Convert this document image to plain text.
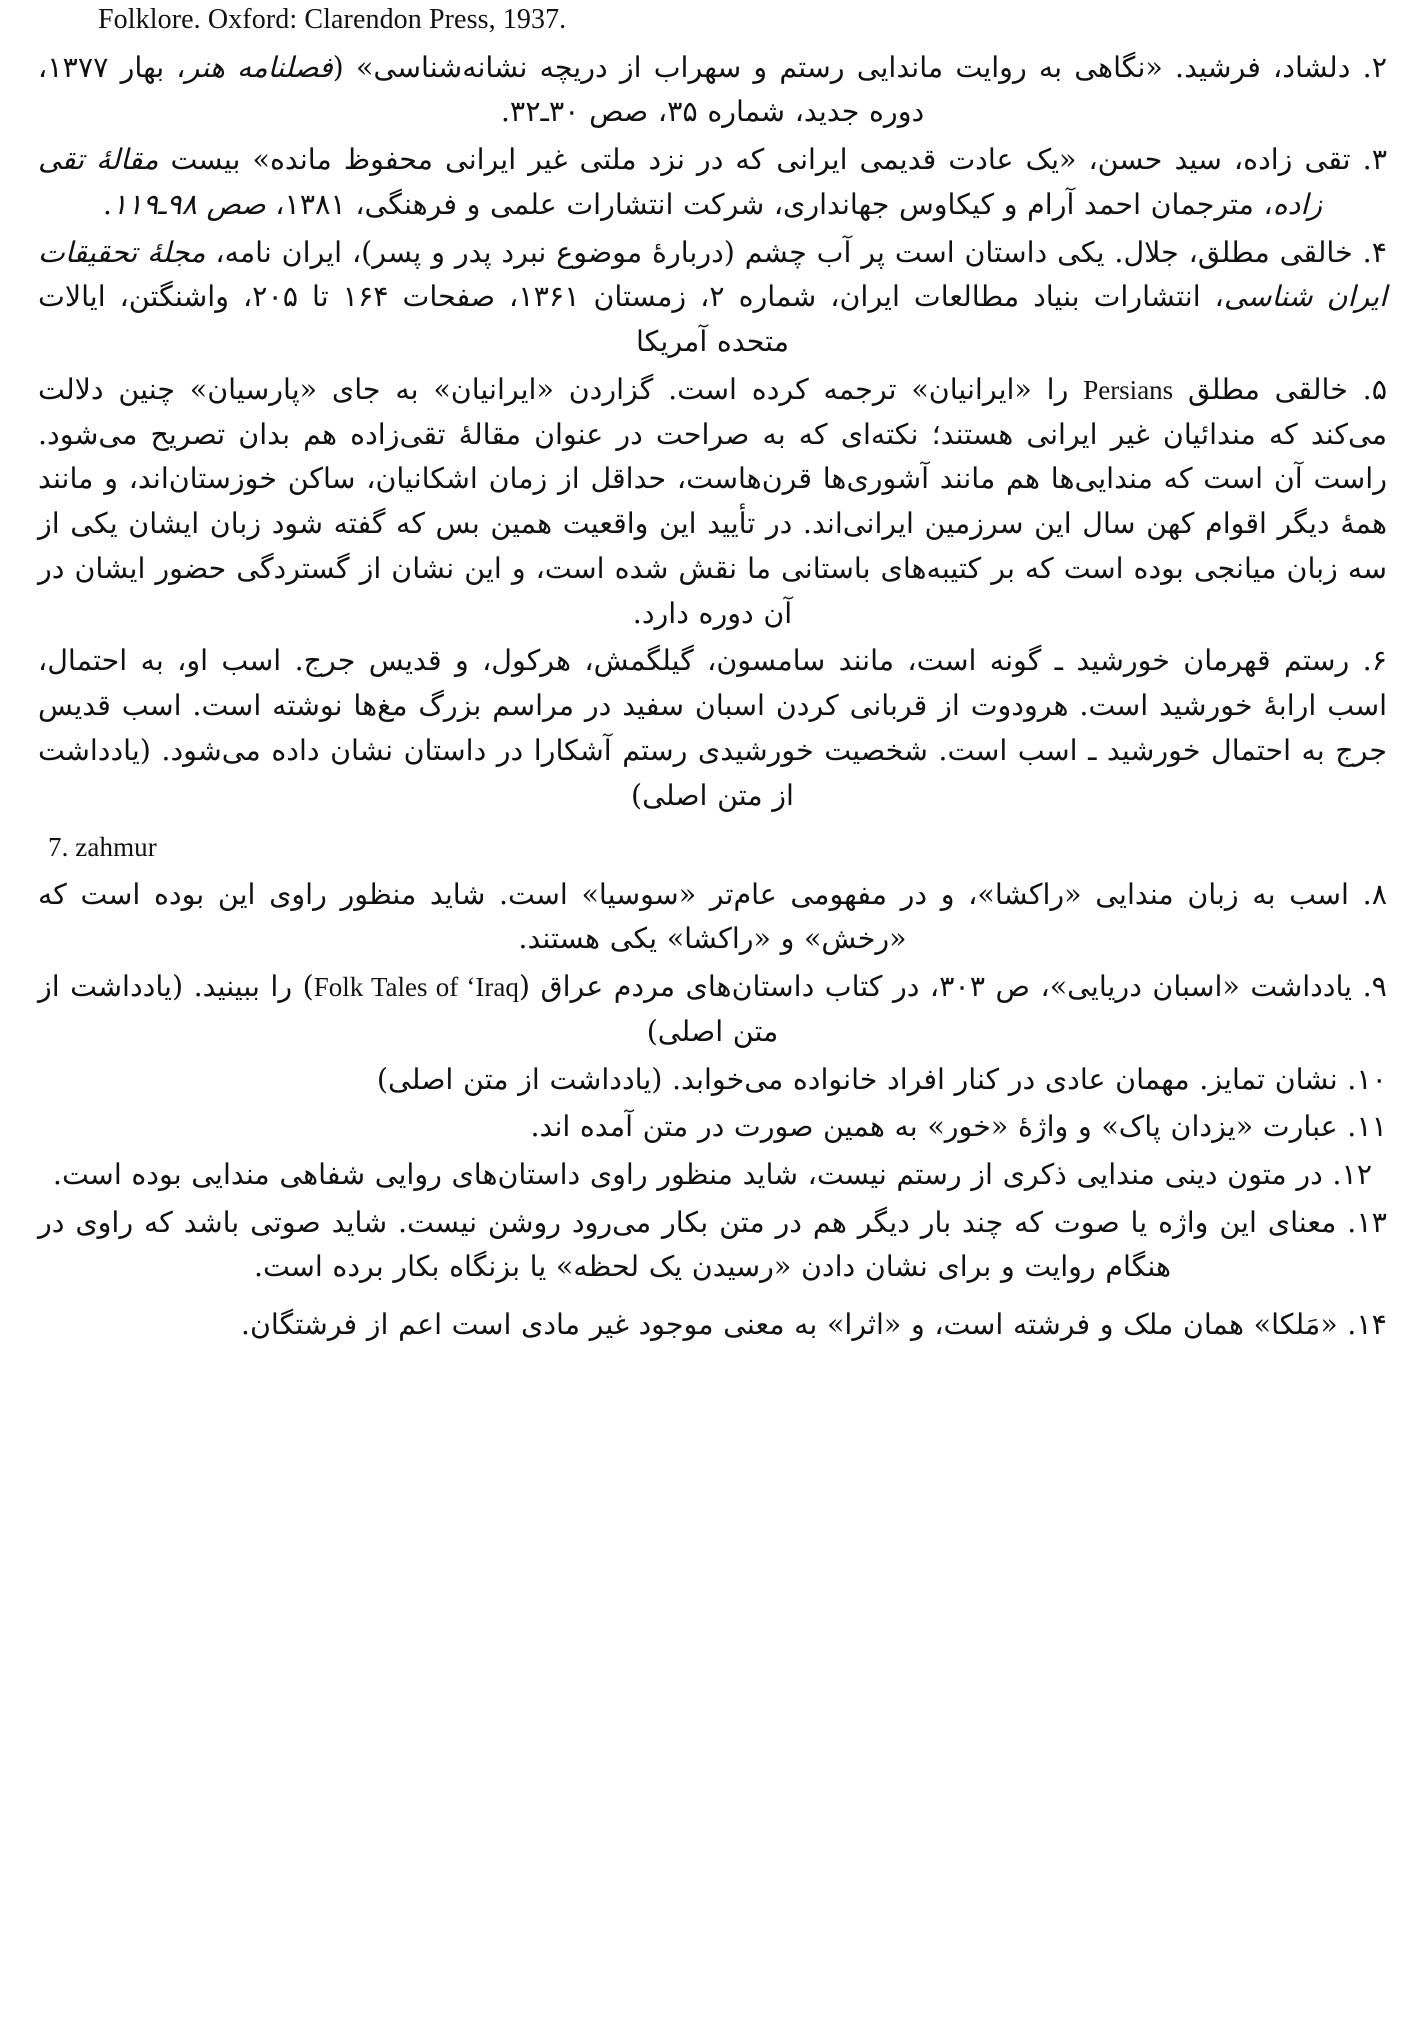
Folklore. Oxford: Clarendon Press, 1937.

۲. دلشاد، فرشید. «نگاهی به روایت ماندایی رستم و سهراب از دریچه نشانه‌شناسی» (فصلنامه هنر، بهار ۱۳۷۷، دوره جدید، شماره ۳۵، صص ۳۰ـ۳۲.

۳. تقی زاده، سید حسن، «یک عادت قدیمی ایرانی که در نزد ملتی غیر ایرانی محفوظ مانده» بیست مقالهٔ تقی زاده، مترجمان احمد آرام و کیکاوس جهانداری، شرکت انتشارات علمی و فرهنگی، ۱۳۸۱، صص ۹۸ـ۱۱۹.

۴. خالقی مطلق، جلال. یکی داستان است پر آب چشم (دربارهٔ موضوع نبرد پدر و پسر)، ایران نامه، مجلهٔ تحقیقات ایران شناسی، انتشارات بنیاد مطالعات ایران، شماره ۲، زمستان ۱۳۶۱، صفحات ۱۶۴ تا ۲۰۵، واشنگتن، ایالات متحده آمریکا

۵. خالقی مطلق Persians را «ایرانیان» ترجمه کرده است. گزاردن «ایرانیان» به جای «پارسیان» چنین دلالت می‌کند که مندائیان غیر ایرانی هستند؛ نکته‌ای که به صراحت در عنوان مقالهٔ تقی‌زاده هم بدان تصریح می‌شود. راست آن است که مندایی‌ها هم مانند آشوری‌ها قرن‌هاست، حداقل از زمان اشکانیان، ساکن خوزستان‌اند، و مانند همهٔ دیگر اقوام کهن سال این سرزمین ایرانی‌اند. در تأیید این واقعیت همین بس که گفته شود زبان ایشان یکی از سه زبان میانجی بوده است که بر کتیبه‌های باستانی ما نقش شده است، و این نشان از گستردگی حضور ایشان در آن دوره دارد.

۶. رستم قهرمان خورشید ـ گونه است، مانند سامسون، گیلگمش، هرکول، و قدیس جرج. اسب او، به احتمال، اسب ارابهٔ خورشید است. هرودوت از قربانی کردن اسبان سفید در مراسم بزرگ مغ‌ها نوشته است. اسب قدیس جرج به احتمال خورشید ـ اسب است. شخصیت خورشیدی رستم آشکارا در داستان نشان داده می‌شود. (یادداشت از متن اصلی)

7. zahmur

۸. اسب به زبان مندایی «راکشا»، و در مفهومی عام‌تر «سوسیا» است. شاید منظور راوی این بوده است که «رخش» و «راکشا» یکی هستند.

۹. یادداشت «اسبان دریایی»، ص ۳۰۳، در کتاب داستان‌های مردم عراق (Folk Tales of ‘Iraq) را ببینید. (یادداشت از متن اصلی)

۱۰. نشان تمایز. مهمان عادی در کنار افراد خانواده می‌خوابد. (یادداشت از متن اصلی)

۱۱. عبارت «یزدان پاک» و واژهٔ «خور» به همین صورت در متن آمده اند.

۱۲. در متون دینی مندایی ذکری از رستم نیست، شاید منظور راوی داستان‌های روایی شفاهی مندایی بوده است.

۱۳. معنای این واژه یا صوت که چند بار دیگر هم در متن بکار می‌رود روشن نیست. شاید صوتی باشد که راوی در هنگام روایت و برای نشان دادن «رسیدن یک لحظه» یا بزنگاه بکار برده است.

۱۴. «مَلکا» همان ملک و فرشته است، و «اثرا» به معنی موجود غیر مادی است اعم از فرشتگان.
